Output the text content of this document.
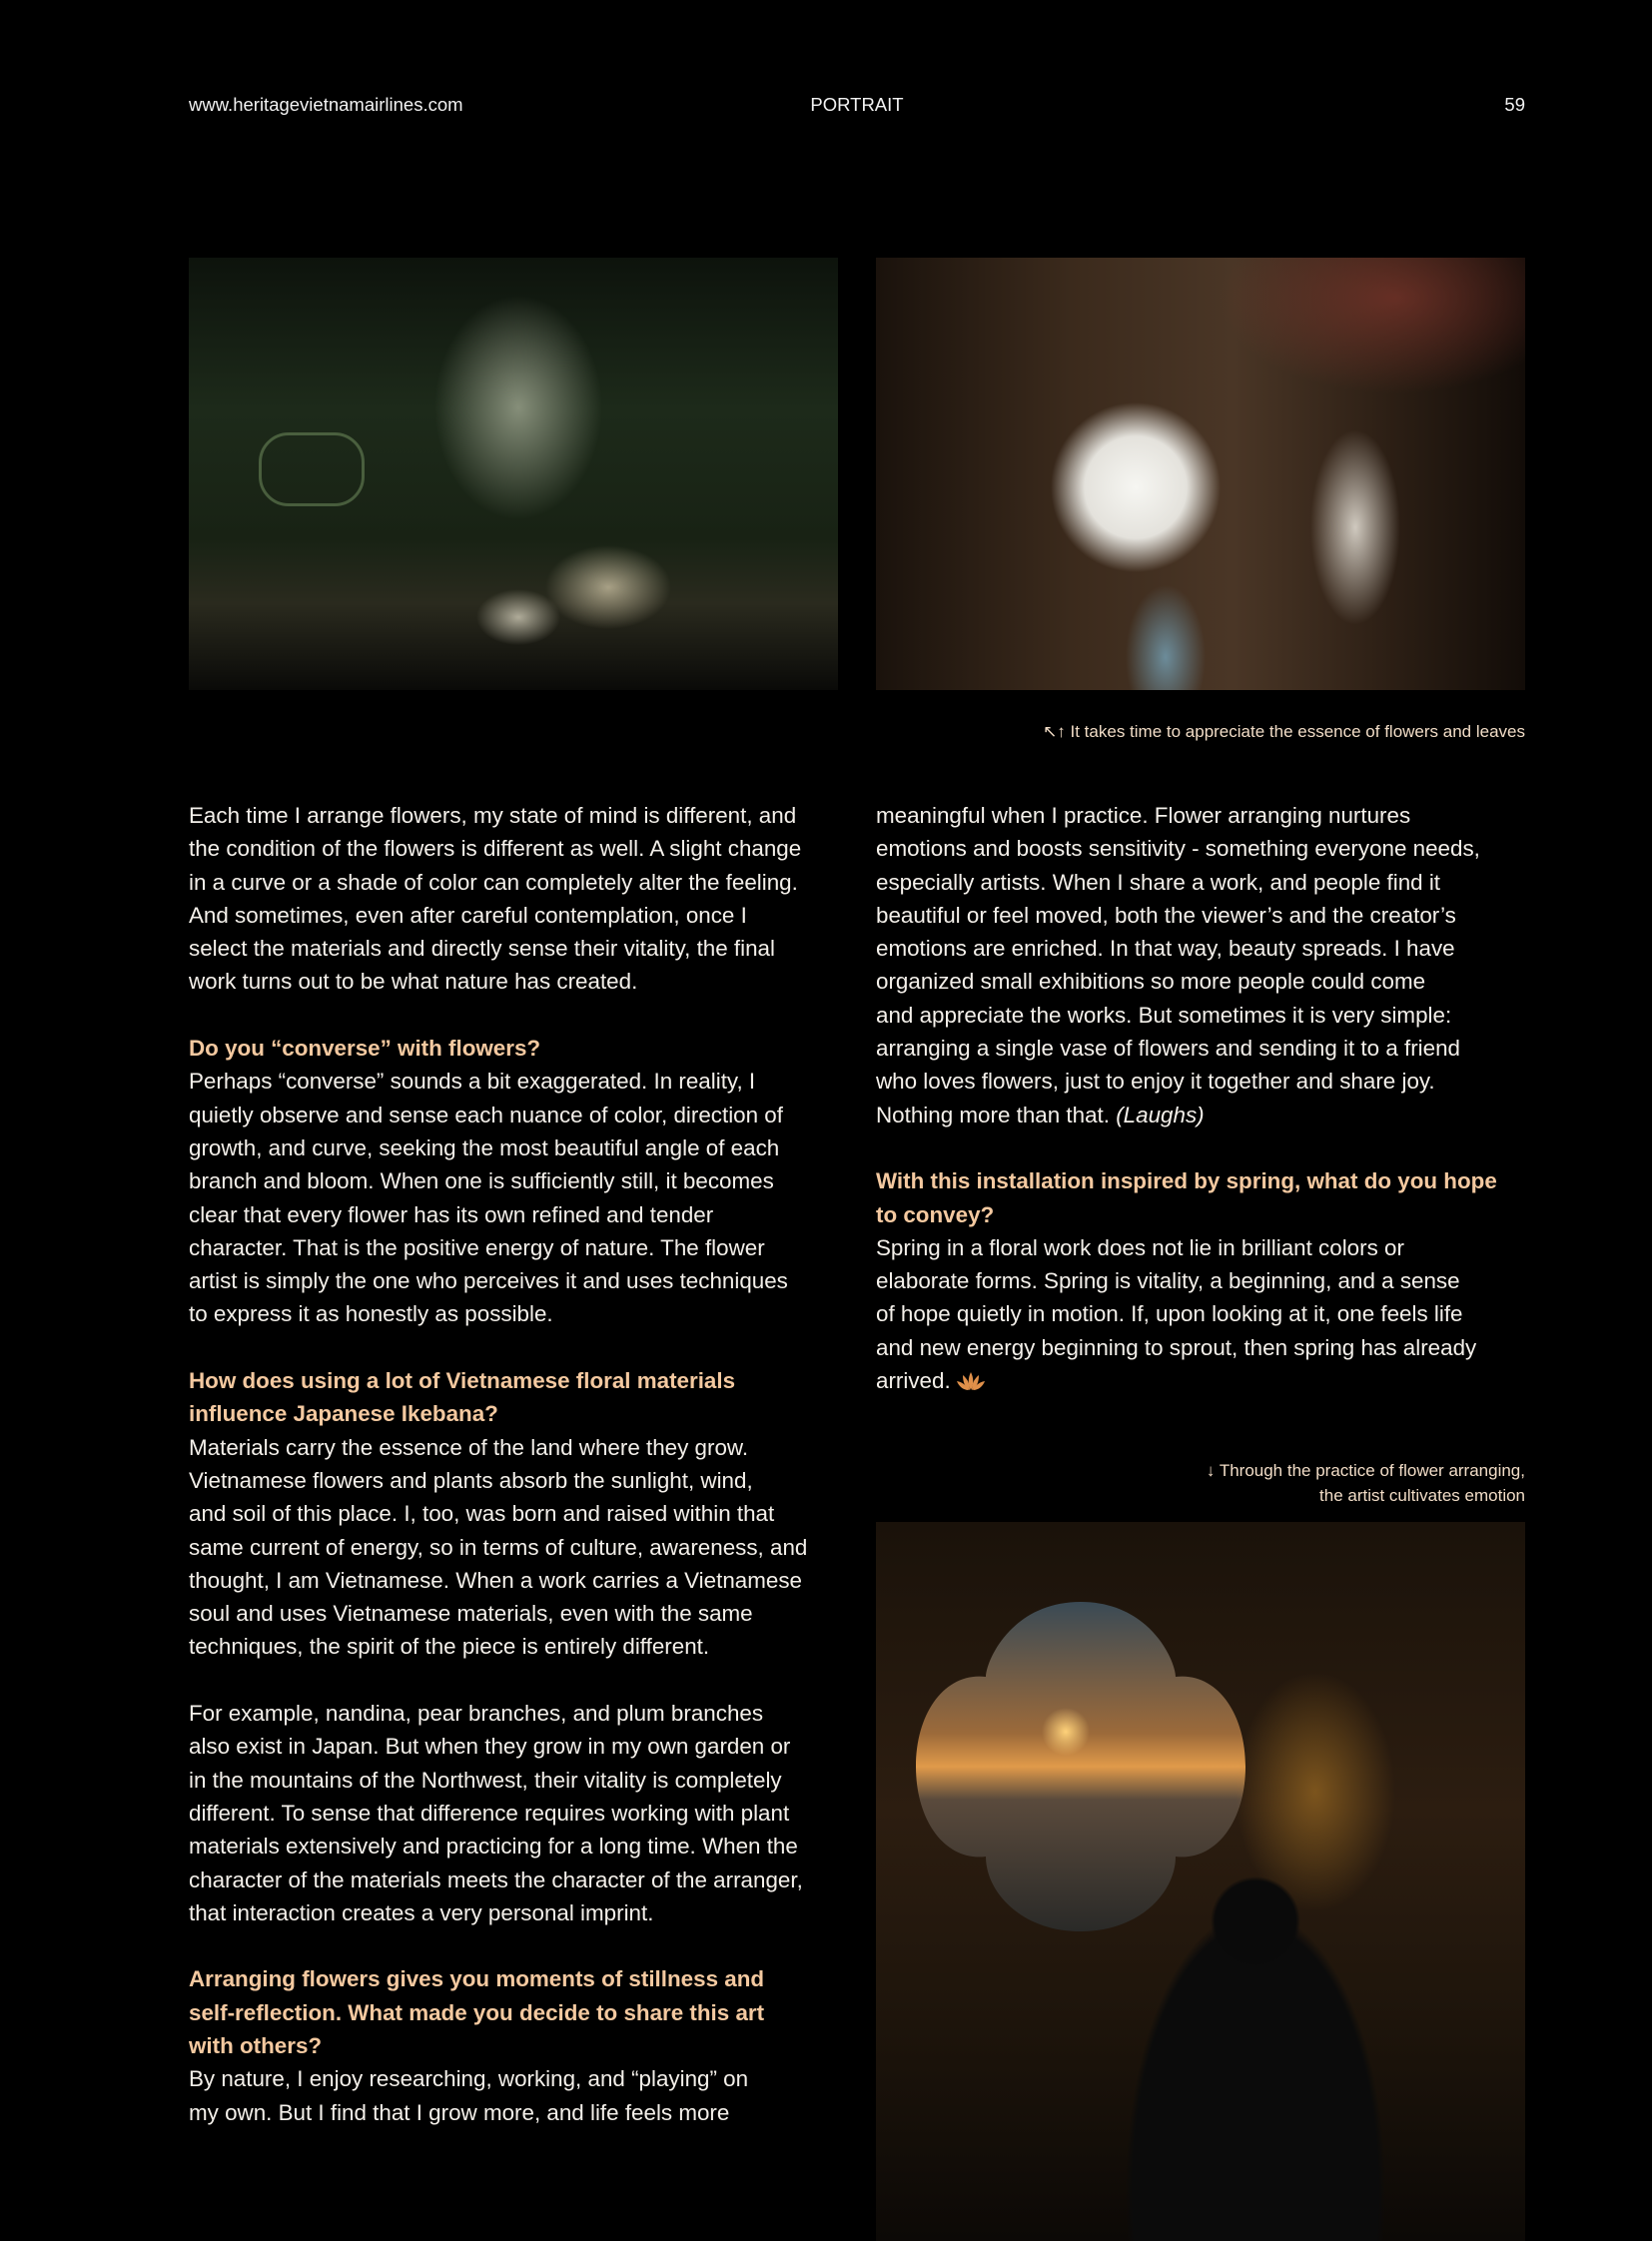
www.heritagevietnamairlines.com	PORTRAIT	59
↖↑ It takes time to appreciate the essence of flowers and leaves
Each time I arrange flowers, my state of mind is different, and
the condition of the flowers is different as well. A slight change
in a curve or a shade of color can completely alter the feeling.
And sometimes, even after careful contemplation, once I
select the materials and directly sense their vitality, the final
work turns out to be what nature has created.
Do you “converse” with flowers?
Perhaps “converse” sounds a bit exaggerated. In reality, I
quietly observe and sense each nuance of color, direction of
growth, and curve, seeking the most beautiful angle of each
branch and bloom. When one is sufficiently still, it becomes
clear that every flower has its own refined and tender
character. That is the positive energy of nature. The flower
artist is simply the one who perceives it and uses techniques
to express it as honestly as possible.
How does using a lot of Vietnamese floral materials
influence Japanese Ikebana?
Materials carry the essence of the land where they grow.
Vietnamese flowers and plants absorb the sunlight, wind,
and soil of this place. I, too, was born and raised within that
same current of energy, so in terms of culture, awareness, and
thought, I am Vietnamese. When a work carries a Vietnamese
soul and uses Vietnamese materials, even with the same
techniques, the spirit of the piece is entirely different.
For example, nandina, pear branches, and plum branches
also exist in Japan. But when they grow in my own garden or
in the mountains of the Northwest, their vitality is completely
different. To sense that difference requires working with plant
materials extensively and practicing for a long time. When the
character of the materials meets the character of the arranger,
that interaction creates a very personal imprint.
Arranging flowers gives you moments of stillness and
self-reflection. What made you decide to share this art
with others?
By nature, I enjoy researching, working, and “playing” on
my own. But I find that I grow more, and life feels more
meaningful when I practice. Flower arranging nurtures
emotions and boosts sensitivity - something everyone needs,
especially artists. When I share a work, and people find it
beautiful or feel moved, both the viewer’s and the creator’s
emotions are enriched. In that way, beauty spreads. I have
organized small exhibitions so more people could come
and appreciate the works. But sometimes it is very simple:
arranging a single vase of flowers and sending it to a friend
who loves flowers, just to enjoy it together and share joy.
Nothing more than that. (Laughs)
With this installation inspired by spring, what do you hope
to convey?
Spring in a floral work does not lie in brilliant colors or
elaborate forms. Spring is vitality, a beginning, and a sense
of hope quietly in motion. If, upon looking at it, one feels life
and new energy beginning to sprout, then spring has already
arrived.
↓ Through the practice of flower arranging,
the artist cultivates emotion
